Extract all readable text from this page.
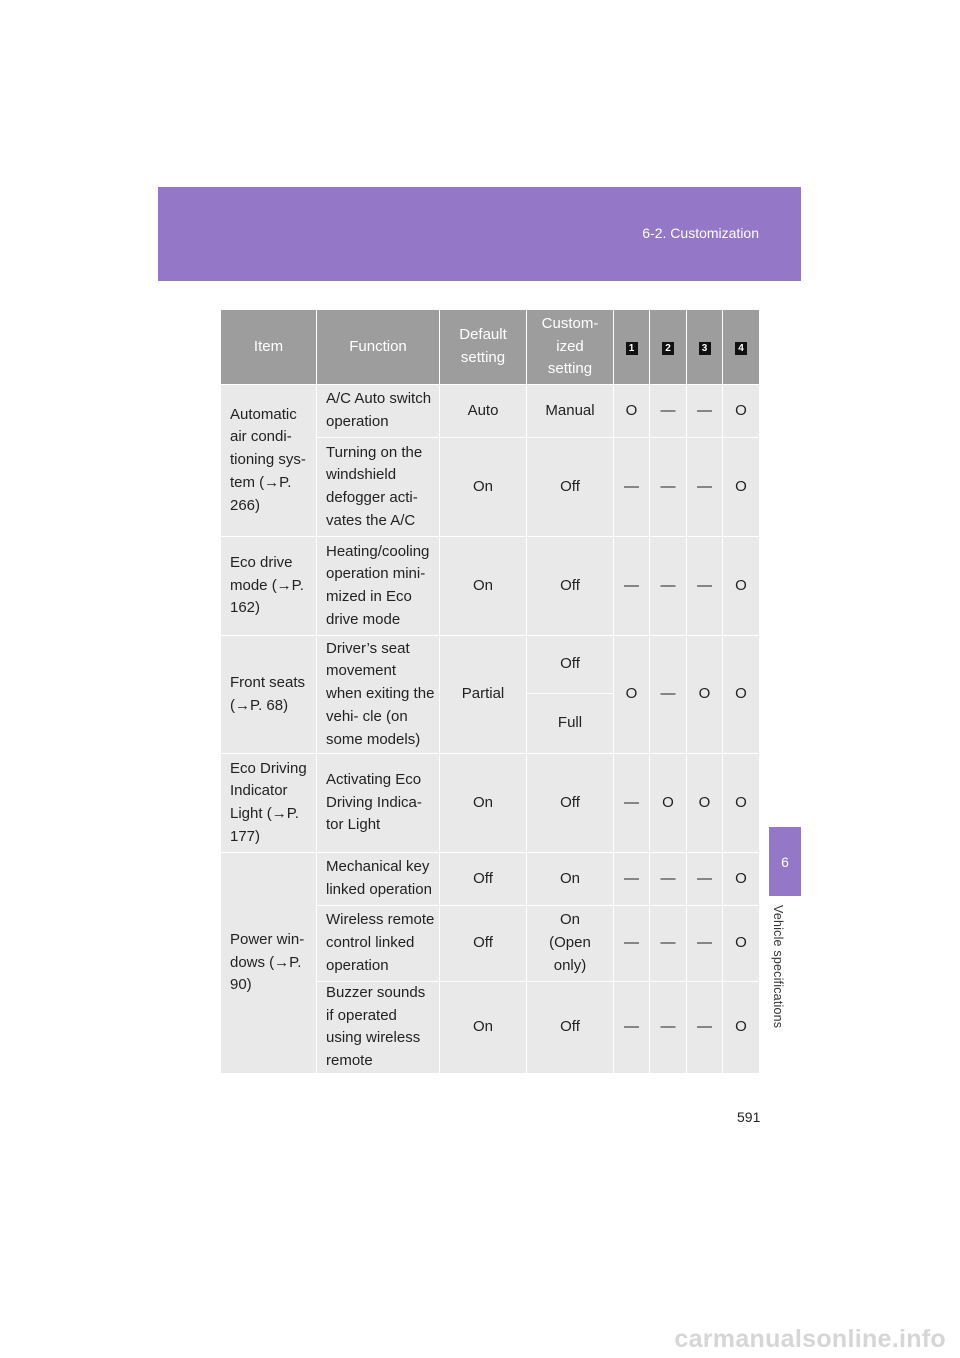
6-2. Customization
Item	Function	Default setting	Custom- ized setting	1	2	3	4
Automatic air condi- tioning sys- tem (→P. 266)	A/C Auto switch operation	Auto	Manual	O	—	—	O
	Turning on the windshield defogger acti- vates the A/C	On	Off	—	—	—	O
Eco drive mode (→P. 162)	Heating/cooling operation mini- mized in Eco drive mode	On	Off	—	—	—	O
Front seats (→P. 68)	Driver’s seat movement when exiting the vehi- cle (on some models)	Partial	Off	O	—	O	O
			Full				
Eco Driving Indicator Light (→P. 177)	Activating Eco Driving Indica- tor Light	On	Off	—	O	O	O
Power win- dows (→P. 90)	Mechanical key linked operation	Off	On	—	—	—	O
	Wireless remote control linked operation	Off	On (Open only)	—	—	—	O
	Buzzer sounds if operated using wireless remote	On	Off	—	—	—	O
6
Vehicle specifications
591
carmanualsonline.info
